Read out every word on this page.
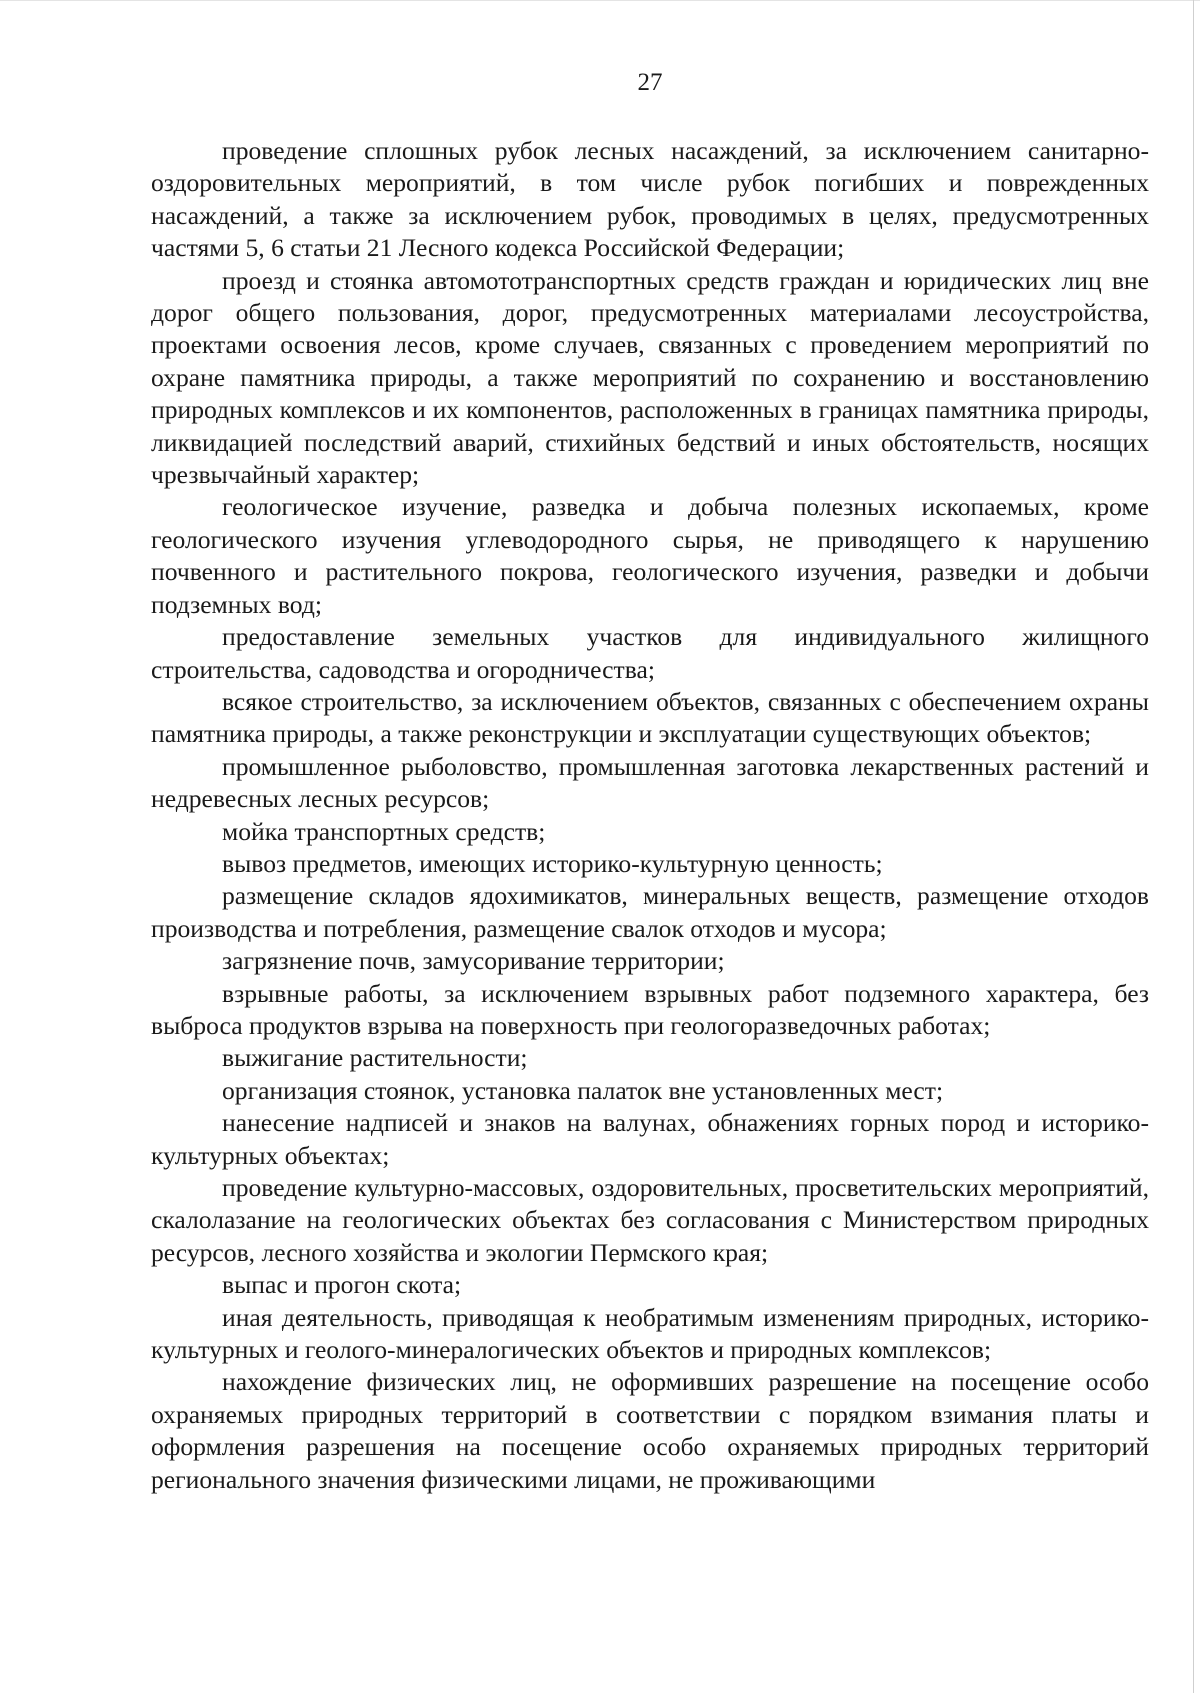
27

проведение сплошных рубок лесных насаждений, за исключением санитарно-оздоровительных мероприятий, в том числе рубок погибших и поврежденных насаждений, а также за исключением рубок, проводимых в целях, предусмотренных частями 5, 6 статьи 21 Лесного кодекса Российской Федерации;

проезд и стоянка автомототранспортных средств граждан и юридических лиц вне дорог общего пользования, дорог, предусмотренных материалами лесоустройства, проектами освоения лесов, кроме случаев, связанных с проведением мероприятий по охране памятника природы, а также мероприятий по сохранению и восстановлению природных комплексов и их компонентов, расположенных в границах памятника природы, ликвидацией последствий аварий, стихийных бедствий и иных обстоятельств, носящих чрезвычайный характер;

геологическое изучение, разведка и добыча полезных ископаемых, кроме геологического изучения углеводородного сырья, не приводящего к нарушению почвенного и растительного покрова, геологического изучения, разведки и добычи подземных вод;

предоставление земельных участков для индивидуального жилищного строительства, садоводства и огородничества;

всякое строительство, за исключением объектов, связанных с обеспечением охраны памятника природы, а также реконструкции и эксплуатации существующих объектов;

промышленное рыболовство, промышленная заготовка лекарственных растений и недревесных лесных ресурсов;

мойка транспортных средств;

вывоз предметов, имеющих историко-культурную ценность;

размещение складов ядохимикатов, минеральных веществ, размещение отходов производства и потребления, размещение свалок отходов и мусора;

загрязнение почв, замусоривание территории;

взрывные работы, за исключением взрывных работ подземного характера, без выброса продуктов взрыва на поверхность при геологоразведочных работах;

выжигание растительности;

организация стоянок, установка палаток вне установленных мест;

нанесение надписей и знаков на валунах, обнажениях горных пород и историко-культурных объектах;

проведение культурно-массовых, оздоровительных, просветительских мероприятий, скалолазание на геологических объектах без согласования с Министерством природных ресурсов, лесного хозяйства и экологии Пермского края;

выпас и прогон скота;

иная деятельность, приводящая к необратимым изменениям природных, историко-культурных и геолого-минералогических объектов и природных комплексов;

нахождение физических лиц, не оформивших разрешение на посещение особо охраняемых природных территорий в соответствии с порядком взимания платы и оформления разрешения на посещение особо охраняемых природных территорий регионального значения физическими лицами, не проживающими
